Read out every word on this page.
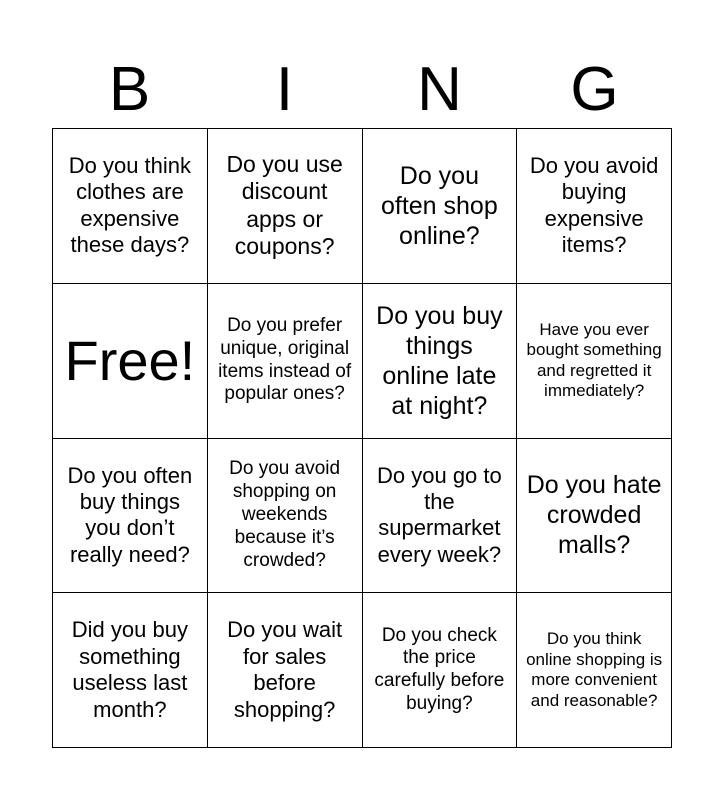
B	I	N	G
Do you think clothes are expensive these days?
Do you use discount apps or coupons?
Do you often shop online?
Do you avoid buying expensive items?
Free!
Do you prefer unique, original items instead of popular ones?
Do you buy things online late at night?
Have you ever bought something and regretted it immediately?
Do you often buy things you don’t really need?
Do you avoid shopping on weekends because it’s crowded?
Do you go to the supermarket every week?
Do you hate crowded malls?
Did you buy something useless last month?
Do you wait for sales before shopping?
Do you check the price carefully before buying?
Do you think online shopping is more convenient and reasonable?
